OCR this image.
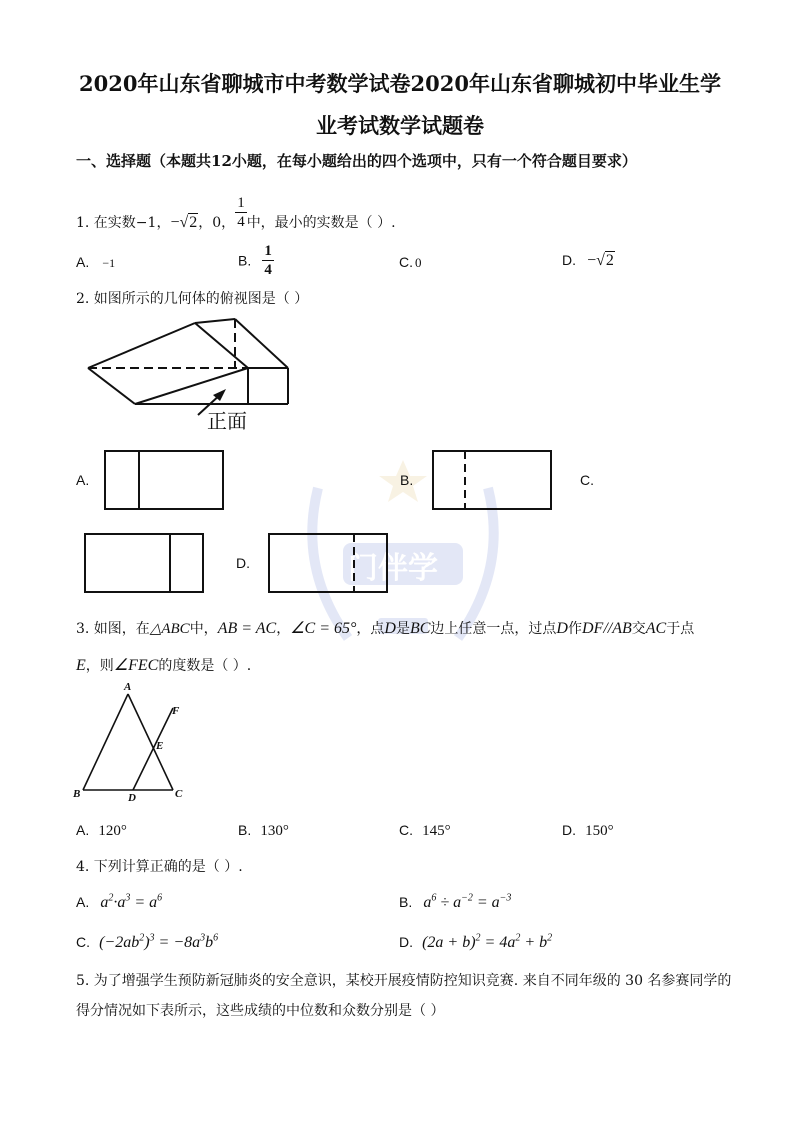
2020年山东省聊城市中考数学试卷2020年山东省聊城初中毕业生学
业考试数学试题卷
一、选择题（本题共12小题，在每小题给出的四个选项中，只有一个符合题目要求）
门伴学
1. 在实数−1，−√2，0， $\frac{1}{4}$ 中，最小的实数是（ ）.
A. −1	B. $\frac{1}{4}$	C. 0	D. −√2
2. 如图所示的几何体的俯视图是（ ）
正面
A.	B.	C.
D.
3. 如图，在△ABC中，AB = AC，∠C = 65°，点D是BC边上任意一点，过点D作DF//AB交AC于点
E，则∠FEC的度数是（ ）.
A
F
E
B	D	C
A. 120°	B. 130°	C. 145°	D. 150°
4. 下列计算正确的是（ ）.
A. $a^2\cdot a^3 = a^6$	B. $a^6 \div a^{-2} = a^{-3}$
C. $(-2ab^2)^3 = -8a^3b^6$	D. $(2a + b)^2 = 4a^2 + b^2$
5. 为了增强学生预防新冠肺炎的安全意识，某校开展疫情防控知识竞赛. 来自不同年级的 30 名参赛同学的
得分情况如下表所示，这些成绩的中位数和众数分别是（ ）
